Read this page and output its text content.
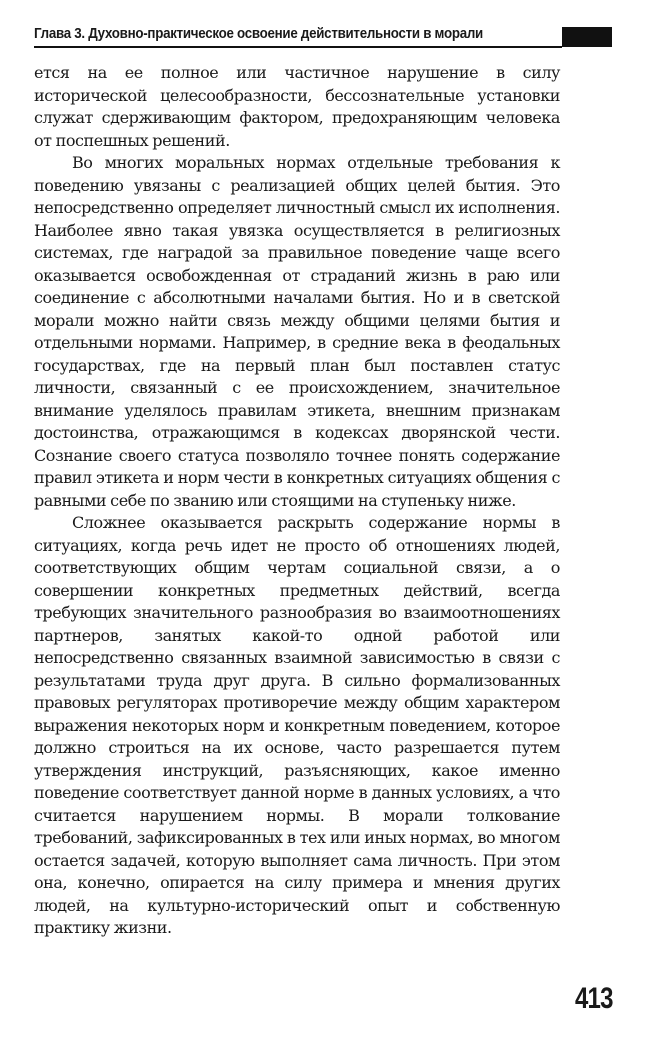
Глава 3. Духовно-практическое освоение действительности в морали

ется на ее полное или частичное нарушение в силу исторической целесообразности, бессознательные установки служат сдерживающим фактором, предохраняющим человека от поспешных решений.

Во многих моральных нормах отдельные требования к поведению увязаны с реализацией общих целей бытия. Это непосредственно определяет личностный смысл их исполнения. Наиболее явно такая увязка осуществляется в религиозных системах, где наградой за правильное поведение чаще всего оказывается освобожденная от страданий жизнь в раю или соединение с абсолютными началами бытия. Но и в светской морали можно найти связь между общими целями бытия и отдельными нормами. Например, в средние века в феодальных государствах, где на первый план был поставлен статус личности, связанный с ее происхождением, значительное внимание уделялось правилам этикета, внешним признакам достоинства, отражающимся в кодексах дворянской чести. Сознание своего статуса позволяло точнее понять содержание правил этикета и норм чести в конкретных ситуациях общения с равными себе по званию или стоящими на ступеньку ниже.

Сложнее оказывается раскрыть содержание нормы в ситуациях, когда речь идет не просто об отношениях людей, соответствующих общим чертам социальной связи, а о совершении конкретных предметных действий, всегда требующих значительного разнообразия во взаимоотношениях партнеров, занятых какой-то одной работой или непосредственно связанных взаимной зависимостью в связи с результатами труда друг друга. В сильно формализованных правовых регуляторах противоречие между общим характером выражения некоторых норм и конкретным поведением, которое должно строиться на их основе, часто разрешается путем утверждения инструкций, разъясняющих, какое именно поведение соответствует данной норме в данных условиях, а что считается нарушением нормы. В морали толкование требований, зафиксированных в тех или иных нормах, во многом остается задачей, которую выполняет сама личность. При этом она, конечно, опирается на силу примера и мнения других людей, на культурно-исторический опыт и собственную практику жизни.

413
